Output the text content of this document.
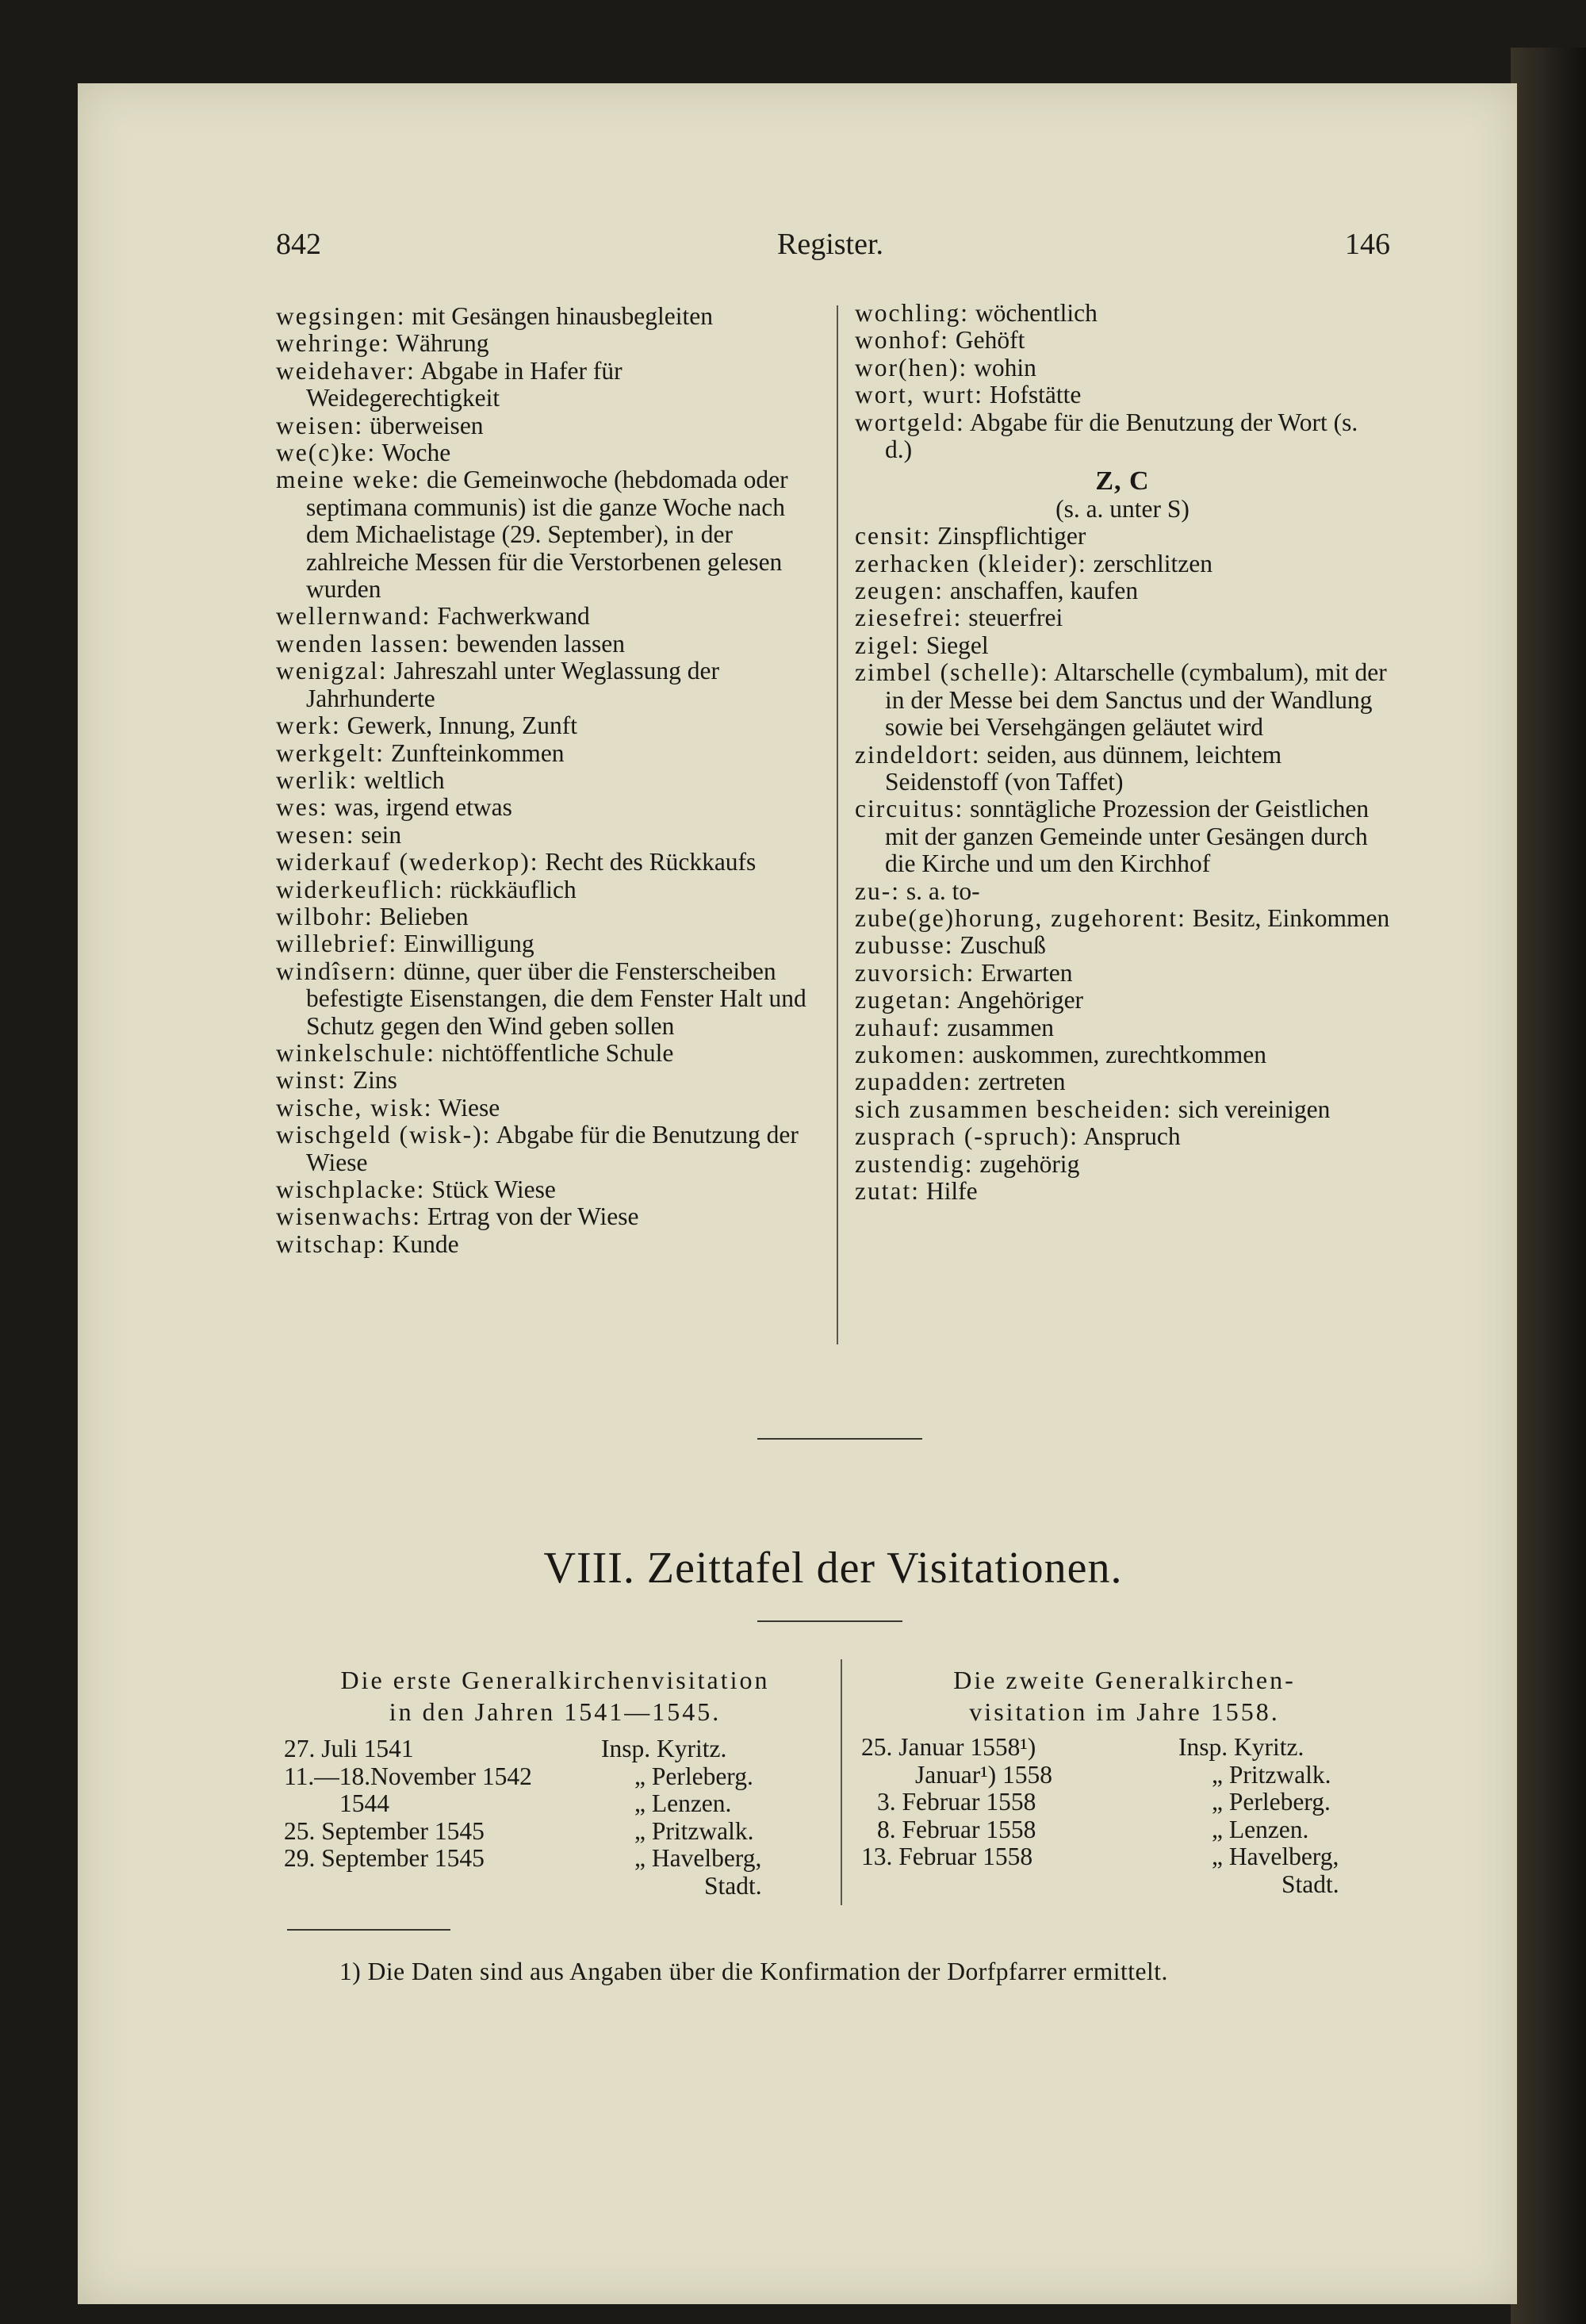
842	Register.	146
wegsingen: mit Gesängen hinausbegleiten
wehringe: Währung
weidehaver: Abgabe in Hafer für Weidegerechtigkeit
weisen: überweisen
we(c)ke: Woche
meine weke: die Gemeinwoche (hebdomada oder septimana communis) ist die ganze Woche nach dem Michaelistage (29. September), in der zahlreiche Messen für die Verstorbenen gelesen wurden
wellernwand: Fachwerkwand
wenden lassen: bewenden lassen
wenigzal: Jahreszahl unter Weglassung der Jahrhunderte
werk: Gewerk, Innung, Zunft
werkgelt: Zunfteinkommen
werlik: weltlich
wes: was, irgend etwas
wesen: sein
widerkauf (wederkop): Recht des Rückkaufs
widerkeuflich: rückkäuflich
wilbohr: Belieben
willebrief: Einwilligung
windîsern: dünne, quer über die Fensterscheiben befestigte Eisenstangen, die dem Fenster Halt und Schutz gegen den Wind geben sollen
winkelschule: nichtöffentliche Schule
winst: Zins
wische, wisk: Wiese
wischgeld (wisk-): Abgabe für die Benutzung der Wiese
wischplacke: Stück Wiese
wisenwachs: Ertrag von der Wiese
witschap: Kunde
wochling: wöchentlich
wonhof: Gehöft
wor(hen): wohin
wort, wurt: Hofstätte
wortgeld: Abgabe für die Benutzung der Wort (s. d.)
Z, C
(s. a. unter S)
censit: Zinspflichtiger
zerhacken (kleider): zerschlitzen
zeugen: anschaffen, kaufen
ziesefrei: steuerfrei
zigel: Siegel
zimbel (schelle): Altarschelle (cymbalum), mit der in der Messe bei dem Sanctus und der Wandlung sowie bei Versehgängen geläutet wird
zindeldort: seiden, aus dünnem, leichtem Seidenstoff (von Taffet)
circuitus: sonntägliche Prozession der Geistlichen mit der ganzen Gemeinde unter Gesängen durch die Kirche und um den Kirchhof
zu-: s. a. to-
zube(ge)horung, zugehorent: Besitz, Einkommen
zubusse: Zuschuß
zuvorsich: Erwarten
zugetan: Angehöriger
zuhauf: zusammen
zukomen: auskommen, zurechtkommen
zupadden: zertreten
sich zusammen bescheiden: sich vereinigen
zusprach (-spruch): Anspruch
zustendig: zugehörig
zutat: Hilfe
VIII. Zeittafel der Visitationen.
Die erste Generalkirchenvisitation
in den Jahren 1541—1545.
27. Juli 1541	Insp. Kyritz.
11.—18.November 1542	„ Perleberg.
1544	„ Lenzen.
25. September 1545	„ Pritzwalk.
29. September 1545	„ Havelberg,
Stadt.
Die zweite Generalkirchen-
visitation im Jahre 1558.
25. Januar 1558¹)	Insp. Kyritz.
Januar¹) 1558	„ Pritzwalk.
3. Februar 1558	„ Perleberg.
8. Februar 1558	„ Lenzen.
13. Februar 1558	„ Havelberg,
Stadt.
1) Die Daten sind aus Angaben über die Konfirmation der Dorfpfarrer ermittelt.
